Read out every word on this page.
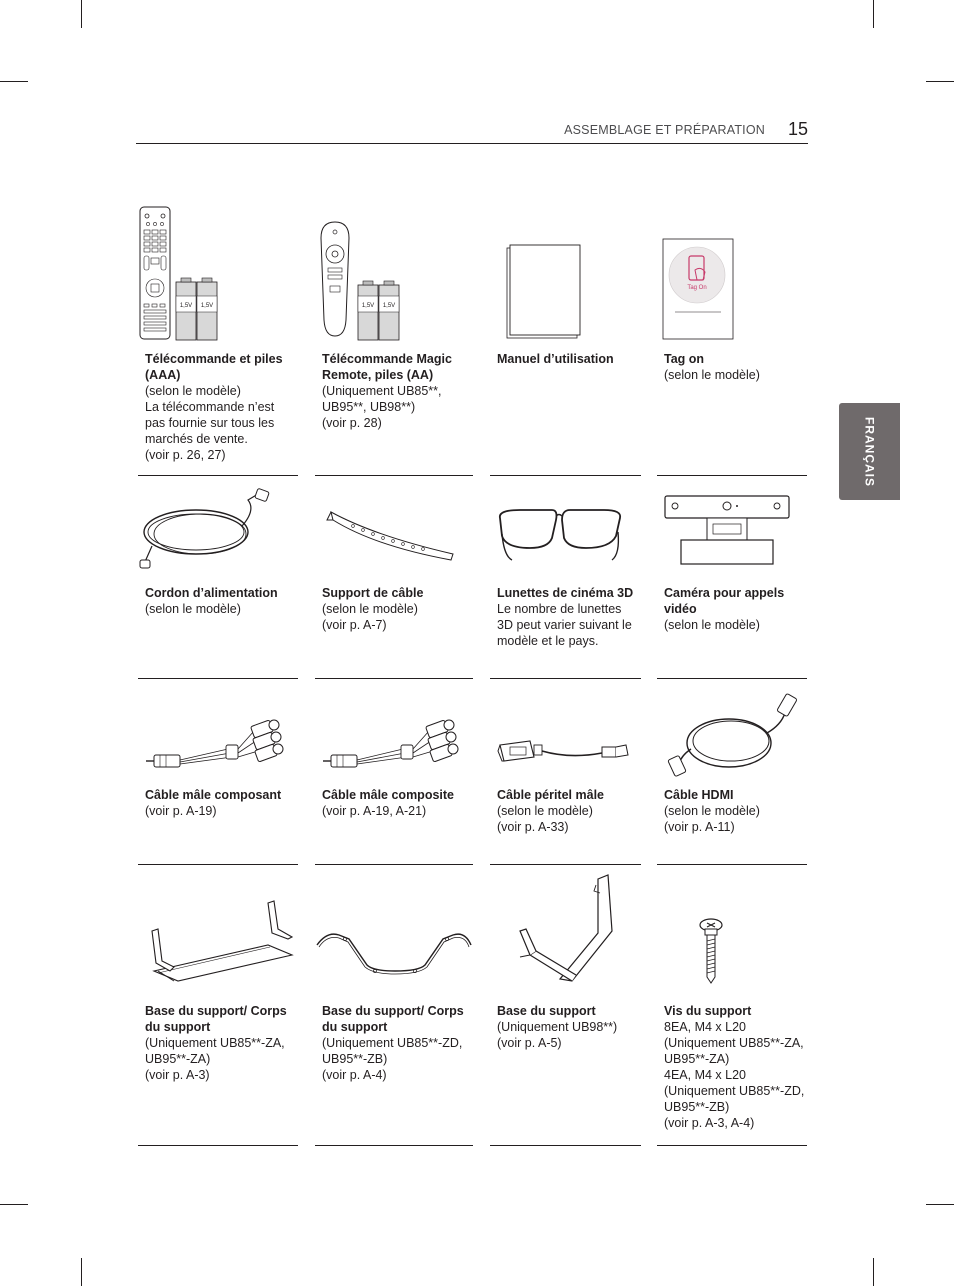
ASSEMBLAGE ET PRÉPARATION 15
FRANÇAIS
1,5V 1,5V
Télécommande et piles (AAA)
(selon le modèle)
La télécommande n’est pas fournie sur tous les marchés de vente.
(voir p. 26, 27)
1,5V 1,5V
Télécommande Magic Remote, piles (AA)
(Uniquement UB85**, UB95**, UB98**)
(voir p. 28)
Manuel d’utilisation
Tag On
Tag on
(selon le modèle)
Cordon d’alimentation
(selon le modèle)
Support de câble
(selon le modèle)
(voir p. A-7)
Lunettes de cinéma 3D
Le nombre de lunettes 3D peut varier suivant le modèle et le pays.
Caméra pour appels vidéo
(selon le modèle)
Câble mâle composant
(voir p. A-19)
Câble mâle composite
(voir p. A-19, A-21)
Câble péritel mâle
(selon le modèle)
(voir p. A-33)
Câble HDMI
(selon le modèle)
(voir p. A-11)
Base du support/ Corps du support
(Uniquement UB85**-ZA, UB95**-ZA)
(voir p. A-3)
Base du support/ Corps du support
(Uniquement UB85**-ZD, UB95**-ZB)
(voir p. A-4)
Base du support
(Uniquement UB98**)
(voir p. A-5)
Vis du support
8EA, M4 x L20
(Uniquement UB85**-ZA, UB95**-ZA)
4EA, M4 x L20
(Uniquement UB85**-ZD, UB95**-ZB)
(voir p. A-3, A-4)
